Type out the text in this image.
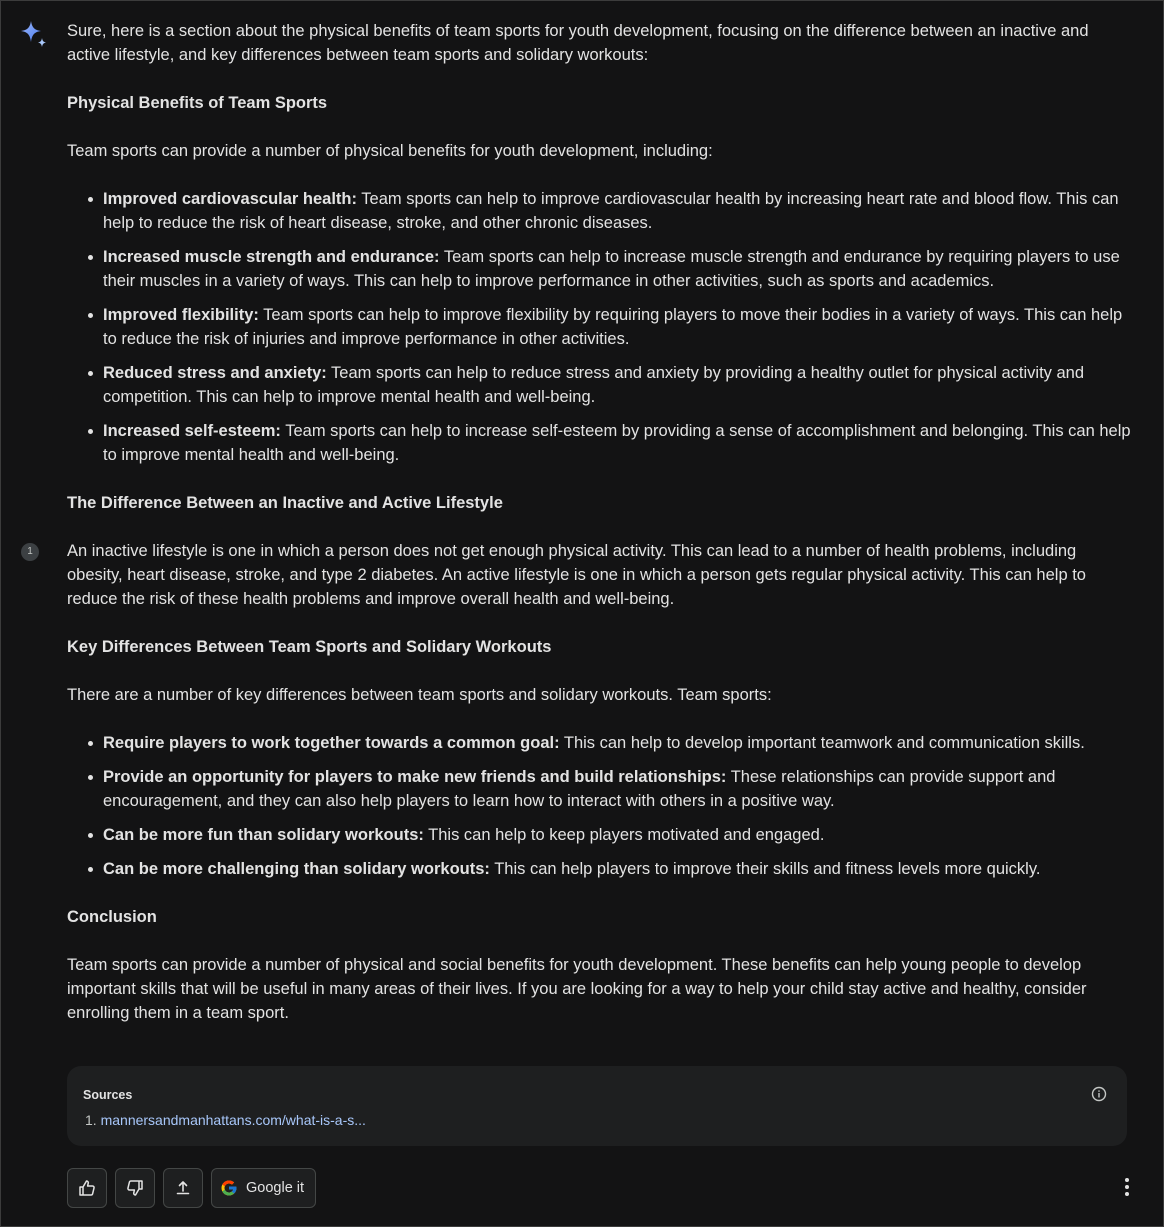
Sure, here is a section about the physical benefits of team sports for youth development, focusing on the difference between an inactive and active lifestyle, and key differences between team sports and solidary workouts:

Physical Benefits of Team Sports

Team sports can provide a number of physical benefits for youth development, including:

Improved cardiovascular health: Team sports can help to improve cardiovascular health by increasing heart rate and blood flow. This can help to reduce the risk of heart disease, stroke, and other chronic diseases.
Increased muscle strength and endurance: Team sports can help to increase muscle strength and endurance by requiring players to use their muscles in a variety of ways. This can help to improve performance in other activities, such as sports and academics.
Improved flexibility: Team sports can help to improve flexibility by requiring players to move their bodies in a variety of ways. This can help to reduce the risk of injuries and improve performance in other activities.
Reduced stress and anxiety: Team sports can help to reduce stress and anxiety by providing a healthy outlet for physical activity and competition. This can help to improve mental health and well-being.
Increased self-esteem: Team sports can help to increase self-esteem by providing a sense of accomplishment and belonging. This can help to improve mental health and well-being.
The Difference Between an Inactive and Active Lifestyle

An inactive lifestyle is one in which a person does not get enough physical activity. This can lead to a number of health problems, including obesity, heart disease, stroke, and type 2 diabetes. An active lifestyle is one in which a person gets regular physical activity. This can help to reduce the risk of these health problems and improve overall health and well-being.

Key Differences Between Team Sports and Solidary Workouts

There are a number of key differences between team sports and solidary workouts. Team sports:

Require players to work together towards a common goal: This can help to develop important teamwork and communication skills.
Provide an opportunity for players to make new friends and build relationships: These relationships can provide support and encouragement, and they can also help players to learn how to interact with others in a positive way.
Can be more fun than solidary workouts: This can help to keep players motivated and engaged.
Can be more challenging than solidary workouts: This can help players to improve their skills and fitness levels more quickly.
Conclusion

Team sports can provide a number of physical and social benefits for youth development. These benefits can help young people to develop important skills that will be useful in many areas of their lives. If you are looking for a way to help your child stay active and healthy, consider enrolling them in a team sport.

1
Sources
1. mannersandmanhattans.com/what-is-a-s...
Google it
